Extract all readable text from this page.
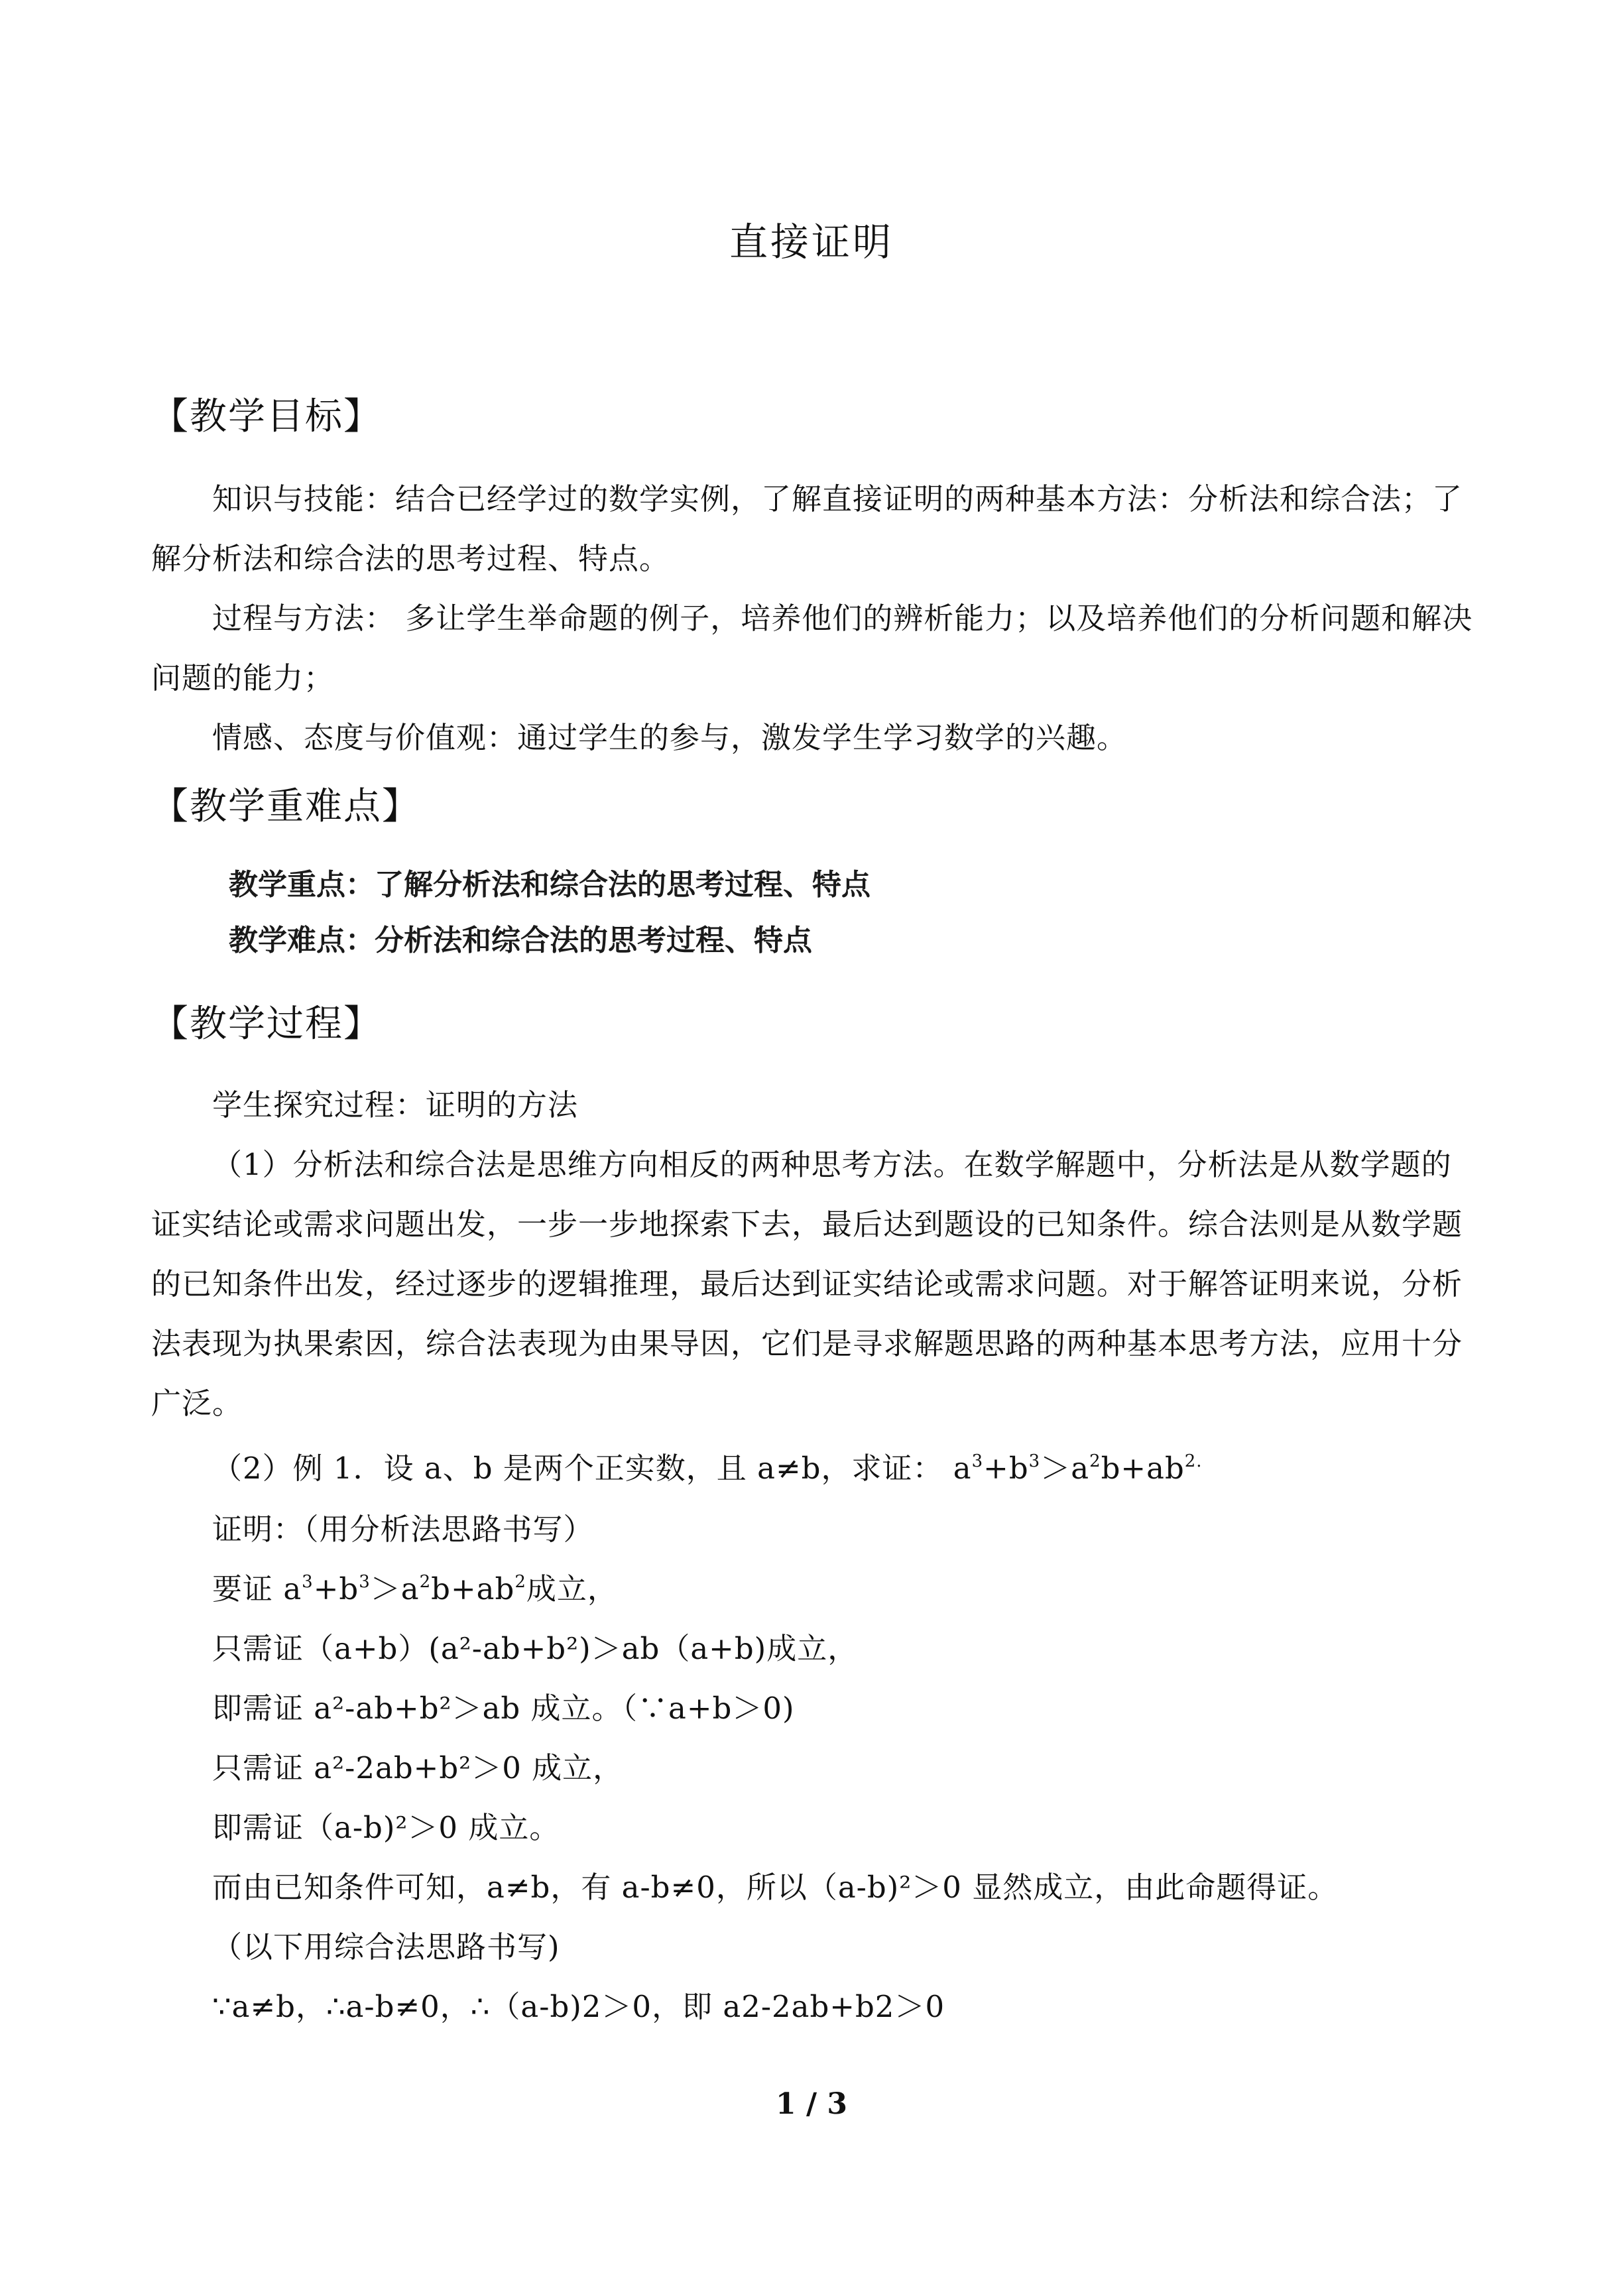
直接证明
【教学目标】
知识与技能：结合已经学过的数学实例，了解直接证明的两种基本方法：分析法和综合法；了解分析法和综合法的思考过程、特点。
过程与方法： 多让学生举命题的例子，培养他们的辨析能力；以及培养他们的分析问题和解决问题的能力；
情感、态度与价值观：通过学生的参与，激发学生学习数学的兴趣。
【教学重难点】
教学重点：了解分析法和综合法的思考过程、特点
教学难点：分析法和综合法的思考过程、特点
【教学过程】
学生探究过程：证明的方法
（1）分析法和综合法是思维方向相反的两种思考方法。在数学解题中，分析法是从数学题的证实结论或需求问题出发，一步一步地探索下去，最后达到题设的已知条件。综合法则是从数学题的已知条件出发，经过逐步的逻辑推理，最后达到证实结论或需求问题。对于解答证明来说，分析法表现为执果索因，综合法表现为由果导因，它们是寻求解题思路的两种基本思考方法，应用十分广泛。
（2）例 1．设 a、b 是两个正实数，且 a≠b，求证： $a^3+b^3>a^2b+ab^{2.}$
证明：（用分析法思路书写）
要证 $a^3+b^3>a^2b+ab^2$成立，
只需证（a+b）(a²-ab+b²)＞ab（a+b)成立，
即需证 a²-ab+b²＞ab 成立。（∵a+b＞0)
只需证 a²-2ab+b²＞0 成立，
即需证（a-b)²＞0 成立。
而由已知条件可知，a≠b，有 a-b≠0，所以（a-b)²＞0 显然成立，由此命题得证。
（以下用综合法思路书写)
∵a≠b，∴a-b≠0，∴（a-b)2＞0，即 a2-2ab+b2＞0
1 / 3
